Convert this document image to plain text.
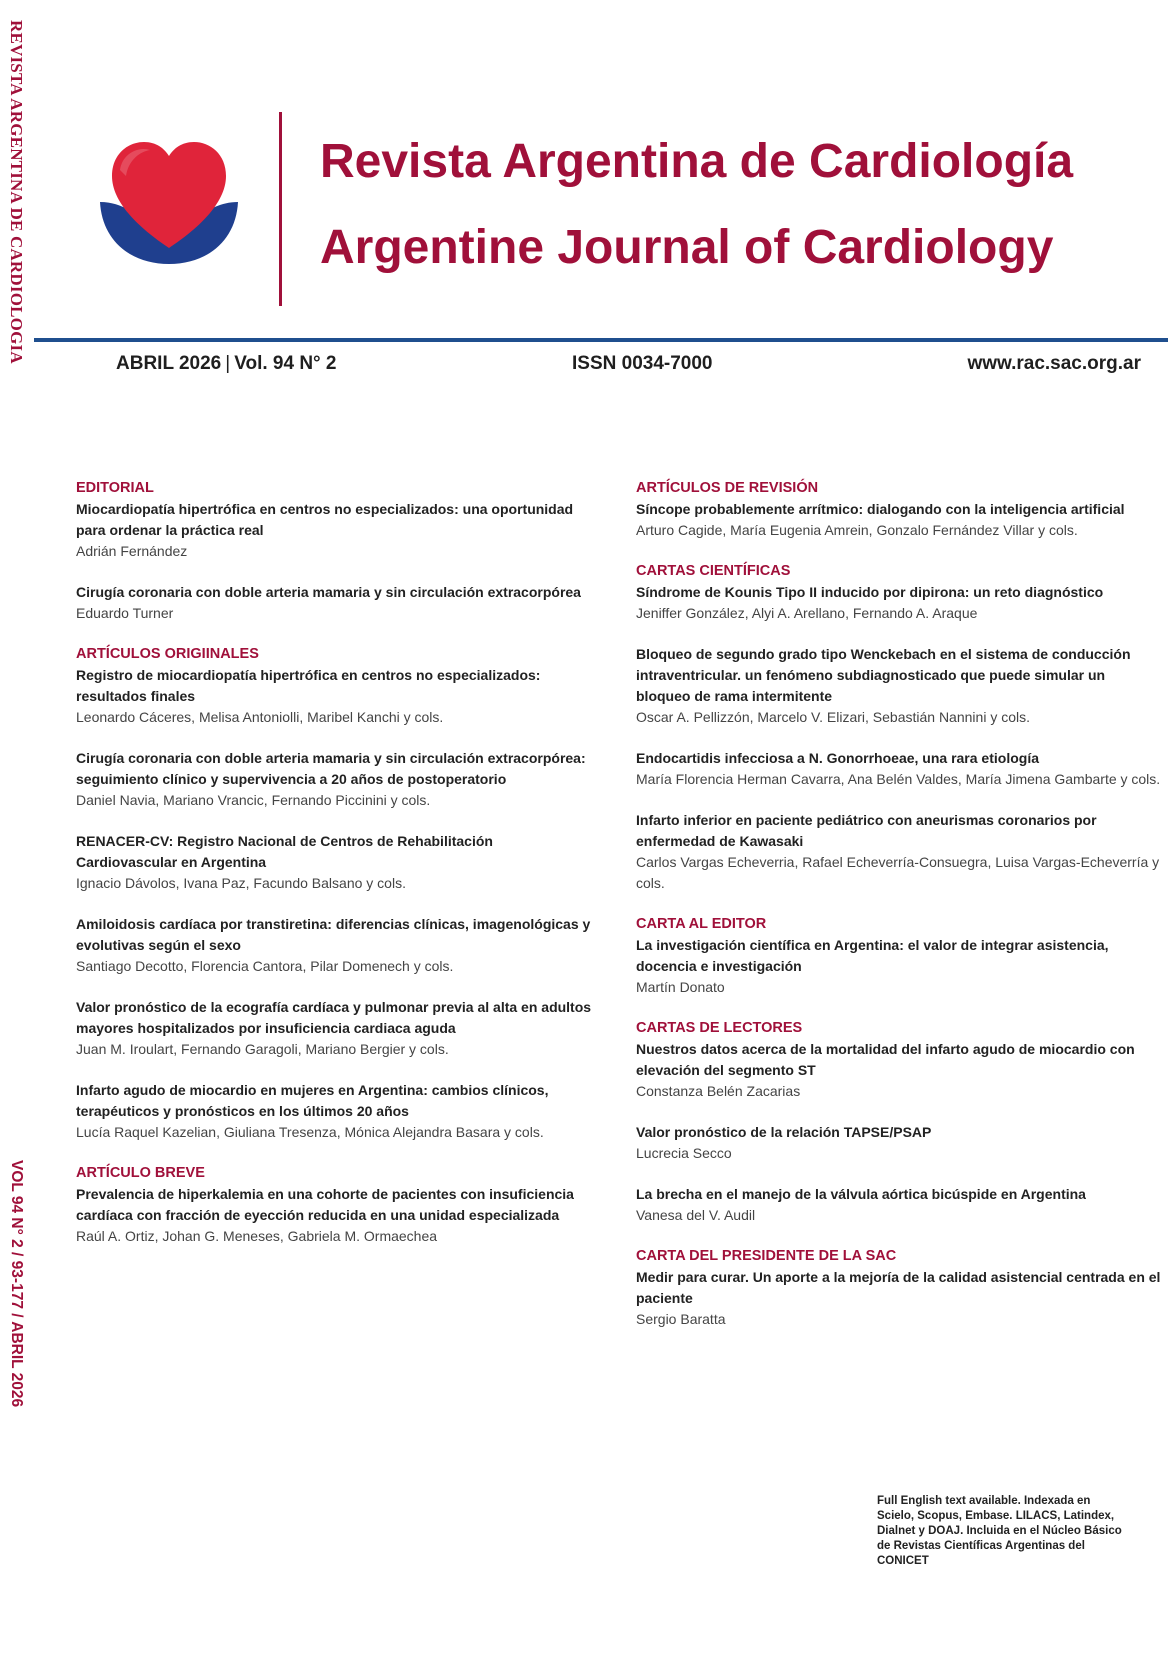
REVISTA ARGENTINA DE CARDIOLOGIA
VOL 94 N° 2 / 93-177 / ABRIL 2026
Revista Argentina de Cardiología
Argentine Journal of Cardiology
ABRIL 2026 | Vol. 94 N° 2	ISSN 0034-7000	www.rac.sac.org.ar
EDITORIAL
Miocardiopatía hipertrófica en centros no especializados: una oportunidad para ordenar la práctica real
Adrián Fernández
Cirugía coronaria con doble arteria mamaria y sin circulación extracorpórea
Eduardo Turner
ARTÍCULOS ORIGIINALES
Registro de miocardiopatía hipertrófica en centros no especializados: resultados finales
Leonardo Cáceres, Melisa Antoniolli, Maribel Kanchi y cols.
Cirugía coronaria con doble arteria mamaria y sin circulación extracorpórea: seguimiento clínico y supervivencia a 20 años de postoperatorio
Daniel Navia, Mariano Vrancic, Fernando Piccinini y cols.
RENACER-CV: Registro Nacional de Centros de Rehabilitación Cardiovascular en Argentina
Ignacio Dávolos, Ivana Paz, Facundo Balsano y cols.
Amiloidosis cardíaca por transtiretina: diferencias clínicas, imagenológicas y evolutivas según el sexo
Santiago Decotto, Florencia Cantora, Pilar Domenech y cols.
Valor pronóstico de la ecografía cardíaca y pulmonar previa al alta en adultos mayores hospitalizados por insuficiencia cardiaca aguda
Juan M. Iroulart, Fernando Garagoli, Mariano Bergier y cols.
Infarto agudo de miocardio en mujeres en Argentina: cambios clínicos, terapéuticos y pronósticos en los últimos 20 años
Lucía Raquel Kazelian, Giuliana Tresenza, Mónica Alejandra Basara y cols.
ARTÍCULO BREVE
Prevalencia de hiperkalemia en una cohorte de pacientes con insuficiencia cardíaca con fracción de eyección reducida en una unidad especializada
Raúl A. Ortiz, Johan G. Meneses, Gabriela M. Ormaechea
ARTÍCULOS DE REVISIÓN
Síncope probablemente arrítmico: dialogando con la inteligencia artificial
Arturo Cagide, María Eugenia Amrein, Gonzalo Fernández Villar y cols.
CARTAS CIENTÍFICAS
Síndrome de Kounis Tipo II inducido por dipirona: un reto diagnóstico
Jeniffer González, Alyi A. Arellano, Fernando A. Araque
Bloqueo de segundo grado tipo Wenckebach en el sistema de conducción intraventricular. un fenómeno subdiagnosticado que puede simular un bloqueo de rama intermitente
Oscar A. Pellizzón, Marcelo V. Elizari, Sebastián Nannini y cols.
Endocartidis infecciosa a N. Gonorrhoeae, una rara etiología
María Florencia Herman Cavarra, Ana Belén Valdes, María Jimena Gambarte y cols.
Infarto inferior en paciente pediátrico con aneurismas coronarios por enfermedad de Kawasaki
Carlos Vargas Echeverria, Rafael Echeverría-Consuegra, Luisa Vargas-Echeverría y cols.
CARTA AL EDITOR
La investigación científica en Argentina: el valor de integrar asistencia, docencia e investigación
Martín Donato
CARTAS DE LECTORES
Nuestros datos acerca de la mortalidad del infarto agudo de miocardio con elevación del segmento ST
Constanza Belén Zacarias
Valor pronóstico de la relación TAPSE/PSAP
Lucrecia Secco
La brecha en el manejo de la válvula aórtica bicúspide en Argentina
Vanesa del V. Audil
CARTA DEL PRESIDENTE DE LA SAC
Medir para curar. Un aporte a la mejoría de la calidad asistencial centrada en el paciente
Sergio Baratta
Full English text available. Indexada en Scielo, Scopus, Embase. LILACS, Latindex, Dialnet y DOAJ. Incluida en el Núcleo Básico de Revistas Científicas Argentinas del CONICET
